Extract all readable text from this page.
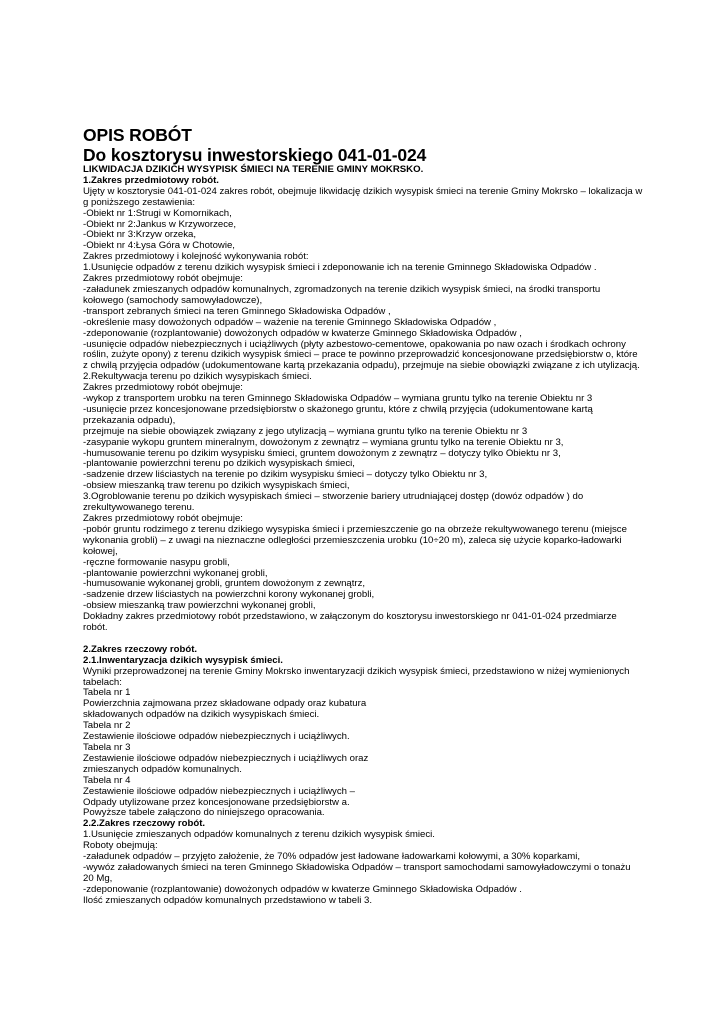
OPIS ROBÓT
Do kosztorysu inwestorskiego 041-01-024

LIKWIDACJA DZIKICH WYSYPISK ŚMIECI NA TERENIE GMINY MOKRSKO.

1.Zakres przedmiotowy robót.

Ujęty w kosztorysie 041-01-024 zakres robót, obejmuje likwidację dzikich wysypisk śmieci na terenie Gminy Mokrsko – lokalizacja w g poniższego zestawienia:

-Obiekt nr 1:Strugi w Komornikach,

-Obiekt nr 2:Jankus w Krzyworzece,

-Obiekt nr 3:Krzyw orzeka,

-Obiekt nr 4:Łysa Góra w Chotowie,

Zakres przedmiotowy i kolejność wykonywania robót:

1.Usunięcie odpadów z terenu dzikich wysypisk śmieci i zdeponowanie ich na terenie Gminnego Składowiska Odpadów .

Zakres przedmiotowy robót obejmuje:

-załadunek zmieszanych odpadów komunalnych, zgromadzonych na terenie dzikich wysypisk śmieci, na środki transportu kołowego (samochody samowyładowcze),

-transport zebranych śmieci na teren Gminnego Składowiska Odpadów ,

-określenie masy dowożonych odpadów – ważenie na terenie Gminnego Składowiska Odpadów ,

-zdeponowanie (rozplantowanie) dowożonych odpadów w kwaterze Gminnego Składowiska Odpadów ,

-usunięcie odpadów niebezpiecznych i uciążliwych (płyty azbestowo-cementowe, opakowania po naw ozach i środkach ochrony roślin, zużyte opony) z terenu dzikich wysypisk śmieci – prace te powinno przeprowadzić koncesjonowane przedsiębiorstw o, które z chwilą przyjęcia odpadów (udokumentowane kartą przekazania odpadu), przejmuje na siebie obowiązki związane z ich utylizacją.

2.Rekultywacja terenu po dzikich wysypiskach śmieci.

Zakres przedmiotowy robót obejmuje:

-wykop z transportem urobku na teren Gminnego Składowiska Odpadów – wymiana gruntu tylko na terenie Obiektu nr 3

-usunięcie przez koncesjonowane przedsiębiorstw o skażonego gruntu, które z chwilą przyjęcia (udokumentowane kartą przekazania odpadu),

przejmuje na siebie obowiązek związany z jego utylizacją – wymiana gruntu tylko na terenie Obiektu nr 3

-zasypanie wykopu gruntem mineralnym, dowożonym z zewnątrz – wymiana gruntu tylko na terenie Obiektu nr 3,

-humusowanie terenu po dzikim wysypisku śmieci, gruntem dowożonym z zewnątrz – dotyczy tylko Obiektu nr 3,

-plantowanie powierzchni terenu po dzikich wysypiskach śmieci,

-sadzenie drzew liściastych na terenie po dzikim wysypisku śmieci – dotyczy tylko Obiektu nr 3,

-obsiew mieszanką traw terenu po dzikich wysypiskach śmieci,

3.Ogroblowanie terenu po dzikich wysypiskach śmieci – stworzenie bariery utrudniającej dostęp (dowóz odpadów ) do zrekultywowanego terenu.

Zakres przedmiotowy robót obejmuje:

-pobór gruntu rodzimego z terenu dzikiego wysypiska śmieci i przemieszczenie go na obrzeże rekultywowanego terenu (miejsce wykonania grobli) – z uwagi na nieznaczne odległości przemieszczenia urobku (10÷20 m), zaleca się użycie koparko-ładowarki kołowej,

-ręczne formowanie nasypu grobli,

-plantowanie powierzchni wykonanej grobli,

-humusowanie wykonanej grobli, gruntem dowożonym z zewnątrz,

-sadzenie drzew liściastych na powierzchni korony wykonanej grobli,

-obsiew mieszanką traw powierzchni wykonanej grobli,

Dokładny zakres przedmiotowy robót przedstawiono, w załączonym do kosztorysu inwestorskiego nr 041-01-024 przedmiarze robót.

2.Zakres rzeczowy robót.

2.1.Inwentaryzacja dzikich wysypisk śmieci.

Wyniki przeprowadzonej na terenie Gminy Mokrsko inwentaryzacji dzikich wysypisk śmieci, przedstawiono w niżej wymienionych tabelach:

Tabela nr 1

Powierzchnia zajmowana przez składowane odpady oraz kubatura

składowanych odpadów na dzikich wysypiskach śmieci.

Tabela nr 2

Zestawienie ilościowe odpadów niebezpiecznych i uciążliwych.

Tabela nr 3

Zestawienie ilościowe odpadów niebezpiecznych i uciążliwych oraz

zmieszanych odpadów komunalnych.

Tabela nr 4

Zestawienie ilościowe odpadów niebezpiecznych i uciążliwych –

Odpady utylizowane przez koncesjonowane przedsiębiorstw a.

Powyższe tabele załączono do niniejszego opracowania.

2.2.Zakres rzeczowy robót.

1.Usunięcie zmieszanych odpadów komunalnych z terenu dzikich wysypisk śmieci.

Roboty obejmują:

-załadunek odpadów – przyjęto założenie, że 70% odpadów jest ładowane ładowarkami kołowymi, a 30% koparkami,

-wywóz załadowanych śmieci na teren Gminnego Składowiska Odpadów – transport samochodami samowyładowczymi o tonażu 20 Mg,

-zdeponowanie (rozplantowanie) dowożonych odpadów w kwaterze Gminnego Składowiska Odpadów .

Ilość zmieszanych odpadów komunalnych przedstawiono w tabeli 3.
